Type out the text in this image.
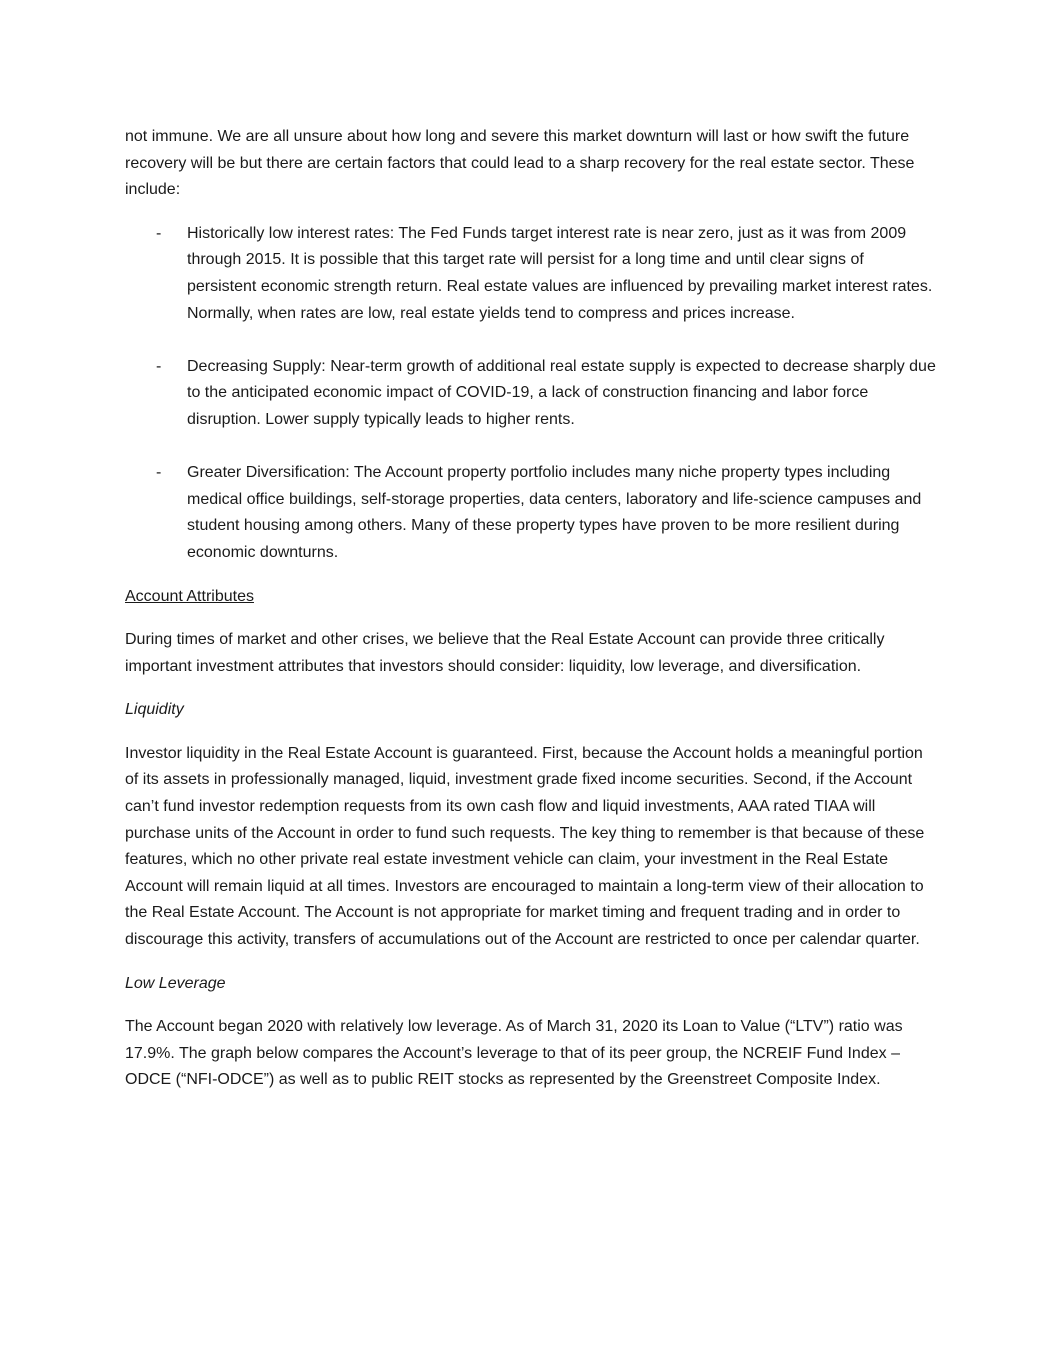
not immune. We are all unsure about how long and severe this market downturn will last or how swift the future recovery will be but there are certain factors that could lead to a sharp recovery for the real estate sector. These include:

- Historically low interest rates: The Fed Funds target interest rate is near zero, just as it was from 2009 through 2015. It is possible that this target rate will persist for a long time and until clear signs of persistent economic strength return. Real estate values are influenced by prevailing market interest rates. Normally, when rates are low, real estate yields tend to compress and prices increase.
- Decreasing Supply: Near-term growth of additional real estate supply is expected to decrease sharply due to the anticipated economic impact of COVID-19, a lack of construction financing and labor force disruption. Lower supply typically leads to higher rents.
- Greater Diversification: The Account property portfolio includes many niche property types including medical office buildings, self-storage properties, data centers, laboratory and life-science campuses and student housing among others. Many of these property types have proven to be more resilient during economic downturns.

Account Attributes

During times of market and other crises, we believe that the Real Estate Account can provide three critically important investment attributes that investors should consider: liquidity, low leverage, and diversification.

Liquidity

Investor liquidity in the Real Estate Account is guaranteed. First, because the Account holds a meaningful portion of its assets in professionally managed, liquid, investment grade fixed income securities. Second, if the Account can’t fund investor redemption requests from its own cash flow and liquid investments, AAA rated TIAA will purchase units of the Account in order to fund such requests. The key thing to remember is that because of these features, which no other private real estate investment vehicle can claim, your investment in the Real Estate Account will remain liquid at all times. Investors are encouraged to maintain a long-term view of their allocation to the Real Estate Account. The Account is not appropriate for market timing and frequent trading and in order to discourage this activity, transfers of accumulations out of the Account are restricted to once per calendar quarter.

Low Leverage

The Account began 2020 with relatively low leverage. As of March 31, 2020 its Loan to Value (“LTV”) ratio was 17.9%. The graph below compares the Account’s leverage to that of its peer group, the NCREIF Fund Index – ODCE (“NFI-ODCE”) as well as to public REIT stocks as represented by the Greenstreet Composite Index.
